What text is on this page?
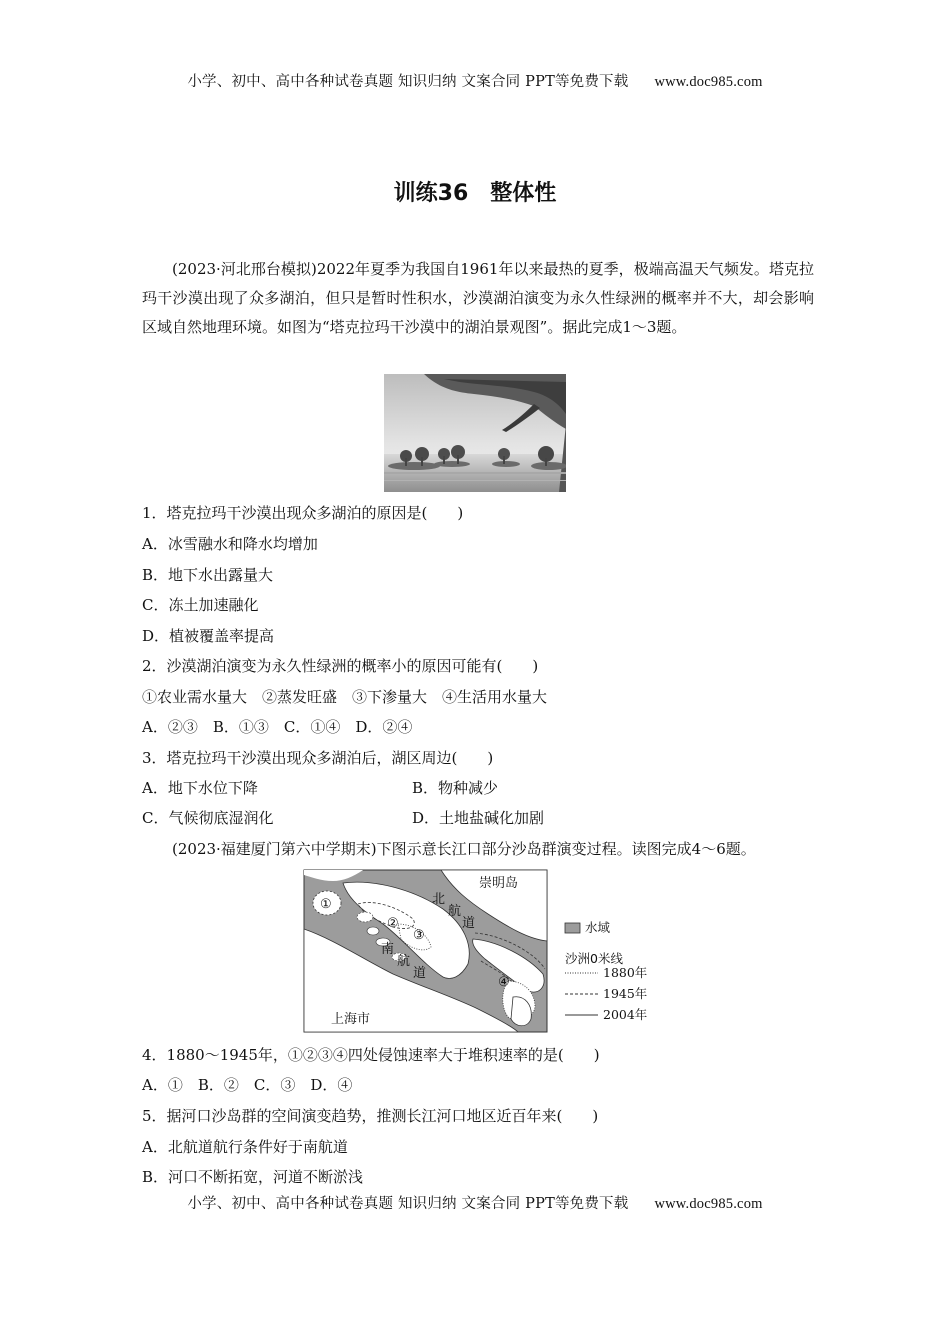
小学、初中、高中各种试卷真题 知识归纳 文案合同 PPT等免费下载 www.doc985.com
训练36 整体性
(2023·河北邢台模拟)2022年夏季为我国自1961年以来最热的夏季，极端高温天气频发。塔克拉玛干沙漠出现了众多湖泊，但只是暂时性积水，沙漠湖泊演变为永久性绿洲的概率并不大，却会影响区域自然地理环境。如图为“塔克拉玛干沙漠中的湖泊景观图”。据此完成1～3题。
1．塔克拉玛干沙漠出现众多湖泊的原因是(　　)
A．冰雪融水和降水均增加
B．地下水出露量大
C．冻土加速融化
D．植被覆盖率提高
2．沙漠湖泊演变为永久性绿洲的概率小的原因可能有(　　)
①农业需水量大　②蒸发旺盛　③下渗量大　④生活用水量大
A．②③　B．①③　C．①④　D．②④
3．塔克拉玛干沙漠出现众多湖泊后，湖区周边(　　)
A．地下水位下降	B．物种减少
C．气候彻底湿润化	D．土地盐碱化加剧
(2023·福建厦门第六中学期末)下图示意长江口部分沙岛群演变过程。读图完成4～6题。
崇明岛
北
航
道
南
航
道
上海市
①
②
③
④
水域
沙洲0米线
1880年
1945年
2004年
4．1880～1945年，①②③④四处侵蚀速率大于堆积速率的是(　　)
A．①　B．②　C．③　D．④
5．据河口沙岛群的空间演变趋势，推测长江河口地区近百年来(　　)
A．北航道航行条件好于南航道
B．河口不断拓宽，河道不断淤浅
小学、初中、高中各种试卷真题 知识归纳 文案合同 PPT等免费下载 www.doc985.com
